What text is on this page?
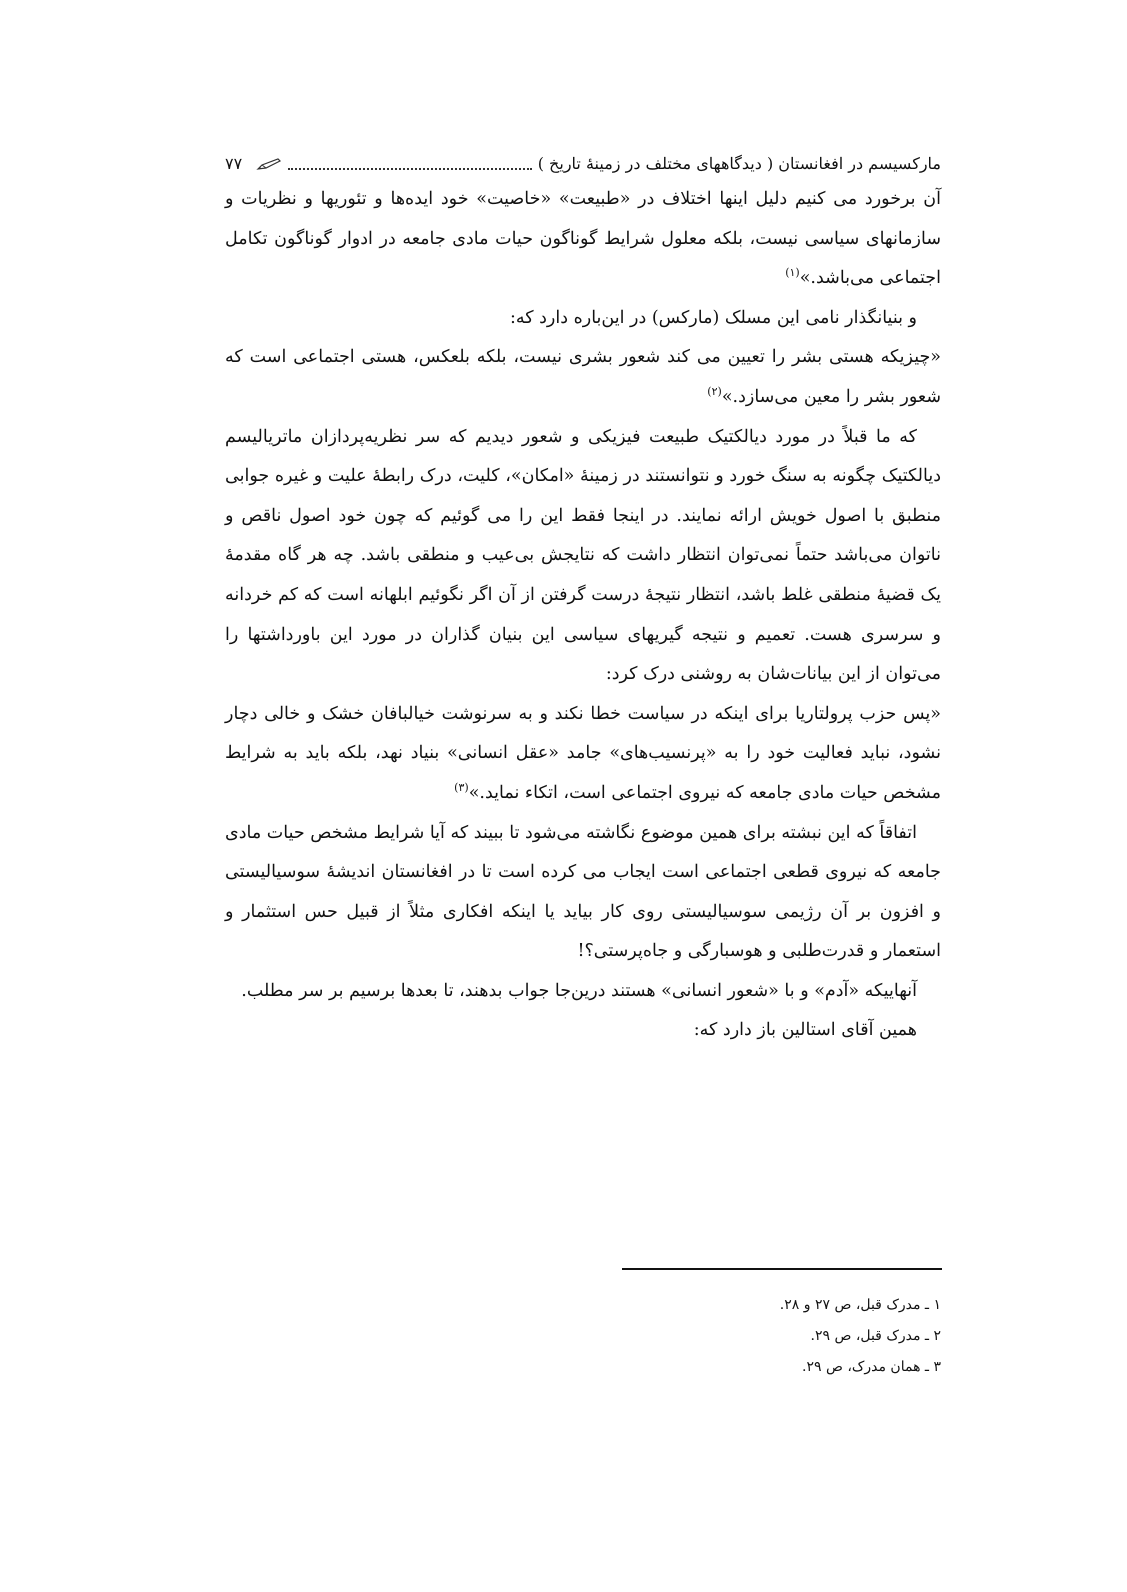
مارکسیسم در افغانستان ( دیدگاههای مختلف در زمینهٔ تاریخ )
۷۷

آن برخورد می کنیم دلیل اینها اختلاف در «طبیعت» «خاصیت» خود ایده‌ها و تئوریها و نظریات و سازمانهای سیاسی نیست، بلکه معلول شرایط گوناگون حیات مادی جامعه در ادوار گوناگون تکامل اجتماعی می‌باشد.»$^{(۱)}$

و بنیانگذار نامی این مسلک (مارکس) در این‌باره دارد که:

«چیزیکه هستی بشر را تعیین می کند شعور بشری نیست، بلکه بلعکس، هستی اجتماعی است که شعور بشر را معین می‌سازد.»$^{(۲)}$

که ما قبلاً در مورد دیالکتیک طبیعت فیزیکی و شعور دیدیم که سر نظریه‌پردازان ماتریالیسم دیالکتیک چگونه به سنگ خورد و نتوانستند در زمینهٔ «امکان»، کلیت، درک رابطهٔ علیت و غیره جوابی منطبق با اصول خویش ارائه نمایند. در اینجا فقط این را می گوئیم که چون خود اصول ناقص و ناتوان می‌باشد حتماً نمی‌توان انتظار داشت که نتایجش بی‌عیب و منطقی باشد. چه هر گاه مقدمهٔ یک قضیهٔ منطقی غلط باشد، انتظار نتیجهٔ درست گرفتن از آن اگر نگوئیم ابلهانه است که کم خردانه و سرسری هست. تعمیم و نتیجه گیریهای سیاسی این بنیان گذاران در مورد این باورداشتها را می‌توان از این بیانات‌شان به روشنی درک کرد:

«پس حزب پرولتاریا برای اینکه در سیاست خطا نکند و به سرنوشت خیالبافان خشک و خالی دچار نشود، نباید فعالیت خود را به «پرنسیب‌های» جامد «عقل انسانی» بنیاد نهد، بلکه باید به شرایط مشخص حیات مادی جامعه که نیروی اجتماعی است، اتکاء نماید.»$^{(۳)}$

اتفاقاً که این نبشته برای همین موضوع نگاشته می‌شود تا ببیند که آیا شرایط مشخص حیات مادی جامعه که نیروی قطعی اجتماعی است ایجاب می کرده است تا در افغانستان اندیشهٔ سوسیالیستی و افزون بر آن رژیمی سوسیالیستی روی کار بیاید یا اینکه افکاری مثلاً از قبیل حس استثمار و استعمار و قدرت‌طلبی و هوسبارگی و جاه‌پرستی؟!

آنهاییکه «آدم» و با «شعور انسانی» هستند درین‌جا جواب بدهند، تا بعدها برسیم بر سر مطلب.

همین آقای استالین باز دارد که:

۱ ـ مدرک قبل، ص ۲۷ و ۲۸.

۲ ـ مدرک قبل، ص ۲۹.

۳ ـ همان مدرک، ص ۲۹.
